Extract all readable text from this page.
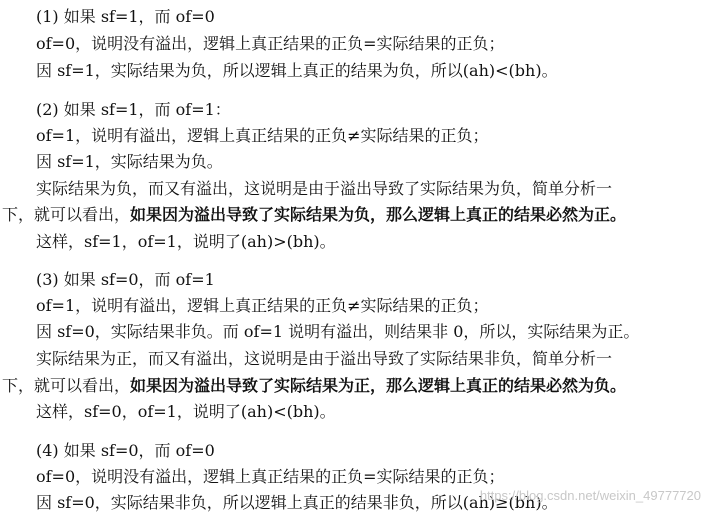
(1) 如果 sf=1，而 of=0
of=0，说明没有溢出，逻辑上真正结果的正负=实际结果的正负；
因 sf=1，实际结果为负，所以逻辑上真正的结果为负，所以(ah)<(bh)。
(2) 如果 sf=1，而 of=1：
of=1，说明有溢出，逻辑上真正结果的正负≠实际结果的正负；
因 sf=1，实际结果为负。
实际结果为负，而又有溢出，这说明是由于溢出导致了实际结果为负，简单分析一
下，就可以看出，如果因为溢出导致了实际结果为负，那么逻辑上真正的结果必然为正。
这样，sf=1，of=1，说明了(ah)>(bh)。
(3) 如果 sf=0，而 of=1
of=1，说明有溢出，逻辑上真正结果的正负≠实际结果的正负；
因 sf=0，实际结果非负。而 of=1 说明有溢出，则结果非 0，所以，实际结果为正。
实际结果为正，而又有溢出，这说明是由于溢出导致了实际结果非负，简单分析一
下，就可以看出，如果因为溢出导致了实际结果为正，那么逻辑上真正的结果必然为负。
这样，sf=0，of=1，说明了(ah)<(bh)。
(4) 如果 sf=0，而 of=0
of=0，说明没有溢出，逻辑上真正结果的正负=实际结果的正负；
因 sf=0，实际结果非负，所以逻辑上真正的结果非负，所以(ah)≥(bh)。
https://blog.csdn.net/weixin_49777720
